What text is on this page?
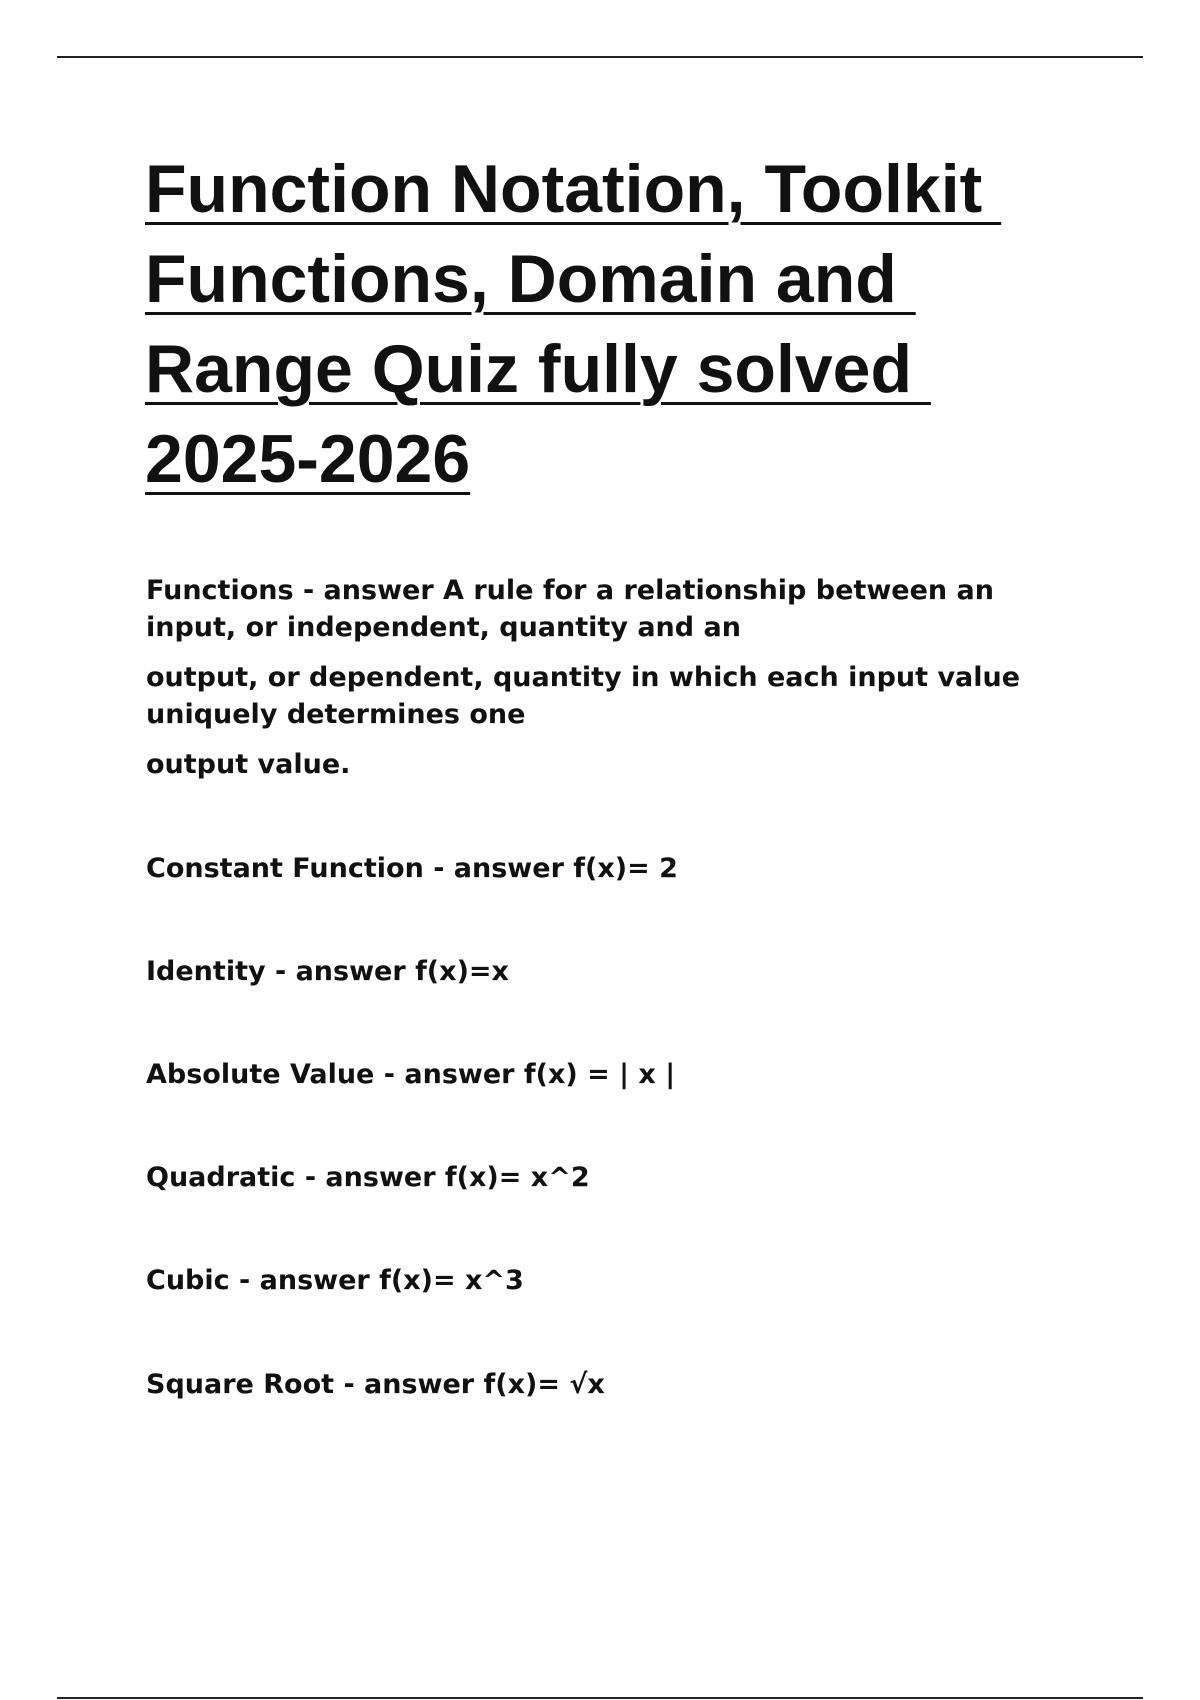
Function Notation, Toolkit
Functions, Domain and
Range Quiz fully solved
2025-2026
Functions - answer A rule for a relationship between an
input, or independent, quantity and an
output, or dependent, quantity in which each input value
uniquely determines one
output value.

Constant Function - answer f(x)= 2

Identity - answer f(x)=x

Absolute Value - answer f(x) = | x |

Quadratic - answer f(x)= x^2

Cubic - answer f(x)= x^3

Square Root - answer f(x)= √x
